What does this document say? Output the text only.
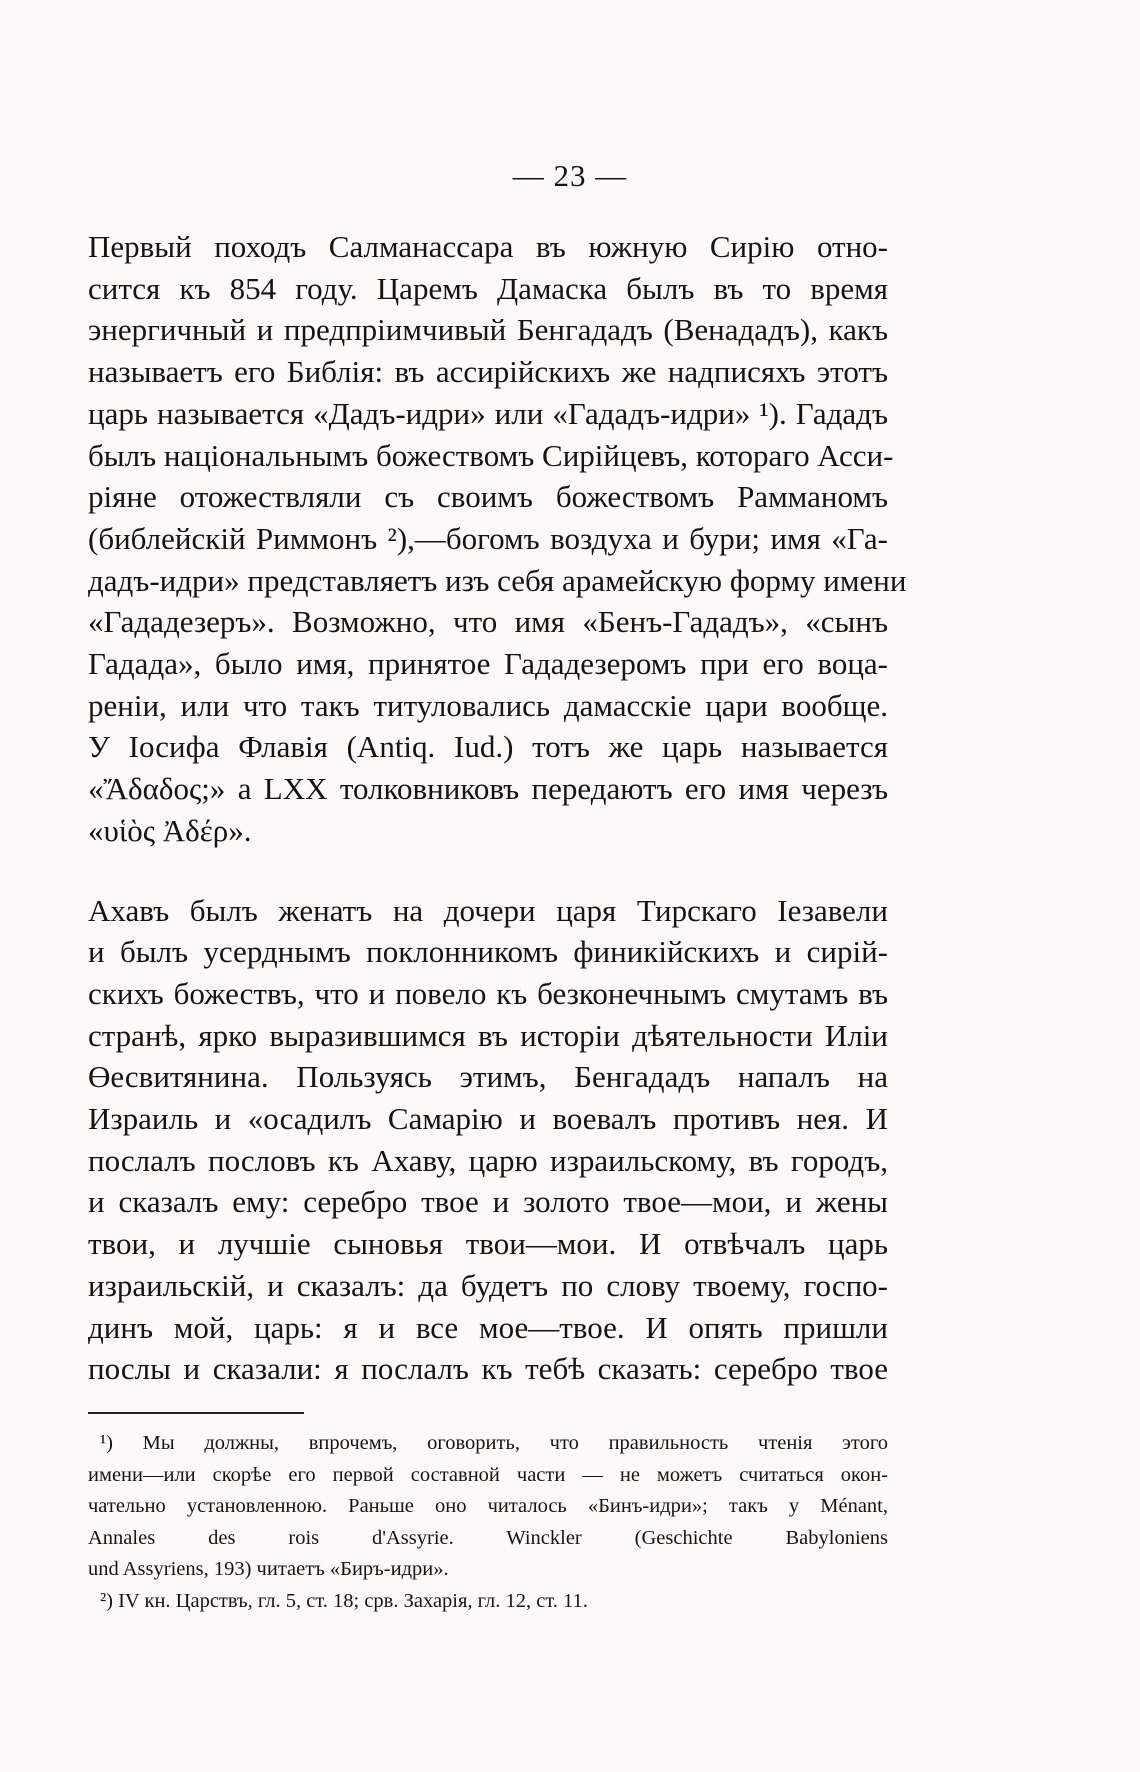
— 23 —

Первый походъ Салманассара въ южную Сирію отно-
сится къ 854 году. Царемъ Дамаска былъ въ то время
энергичный и предпріимчивый Бенгададъ (Венададъ), какъ
называетъ его Библія: въ ассирійскихъ же надписяхъ этотъ
царь называется «Дадъ-идри» или «Гададъ-идри» ¹). Гададъ
былъ національнымъ божествомъ Сирійцевъ, котораго Асси-
ріяне отожествляли съ своимъ божествомъ Рамманомъ
(библейскій Риммонъ ²),—богомъ воздуха и бури; имя «Га-
дадъ-идри» представляетъ изъ себя арамейскую форму имени
«Гададезеръ». Возможно, что имя «Бенъ-Гададъ», «сынъ
Гадада», было имя, принятое Гададезеромъ при его воцa-
реніи, или что такъ титуловались дамасскіе цари вообще.
У Іосифа Флавія (Antiq. Iud.) тотъ же царь называется
«Ἄδαδος;» а LXX толковниковъ передаютъ его имя черезъ
«υἱὸς Ἀδέρ».

Ахавъ былъ женатъ на дочери царя Тирскаго Іезавели
и былъ усерднымъ поклонникомъ финикійскихъ и сирій-
скихъ божествъ, что и повело къ безконечнымъ смутамъ въ
странѣ, ярко выразившимся въ исторіи дѣятельности Иліи
Өесвитянина. Пользуясь этимъ, Бенгададъ напалъ на
Израиль и «осадилъ Самарію и воевалъ противъ нея. И
послалъ пословъ къ Ахаву, царю израильскому, въ городъ,
и сказалъ ему: серебро твое и золото твое—мои, и жены
твои, и лучшіе сыновья твои—мои. И отвѣчалъ царь
израильскій, и сказалъ: да будетъ по слову твоему, госпо-
динъ мой, царь: я и все мое—твое. И опять пришли
послы и сказали: я послалъ къ тебѣ сказать: серебро твое

¹) Мы должны, впрочемъ, оговорить, что правильность чтенія этого
имени—или скорѣе его первой составной части — не можетъ считаться окон-
чательно установленною. Раньше оно читалось «Бинъ-идри»; такъ у Ménant,
Annales des rois d'Assyrie. Winckler (Geschichte Babyloniens
und Assyriens, 193) читаетъ «Биръ-идри».
²) IV кн. Царствъ, гл. 5, ст. 18; срв. Захарія, гл. 12, ст. 11.
